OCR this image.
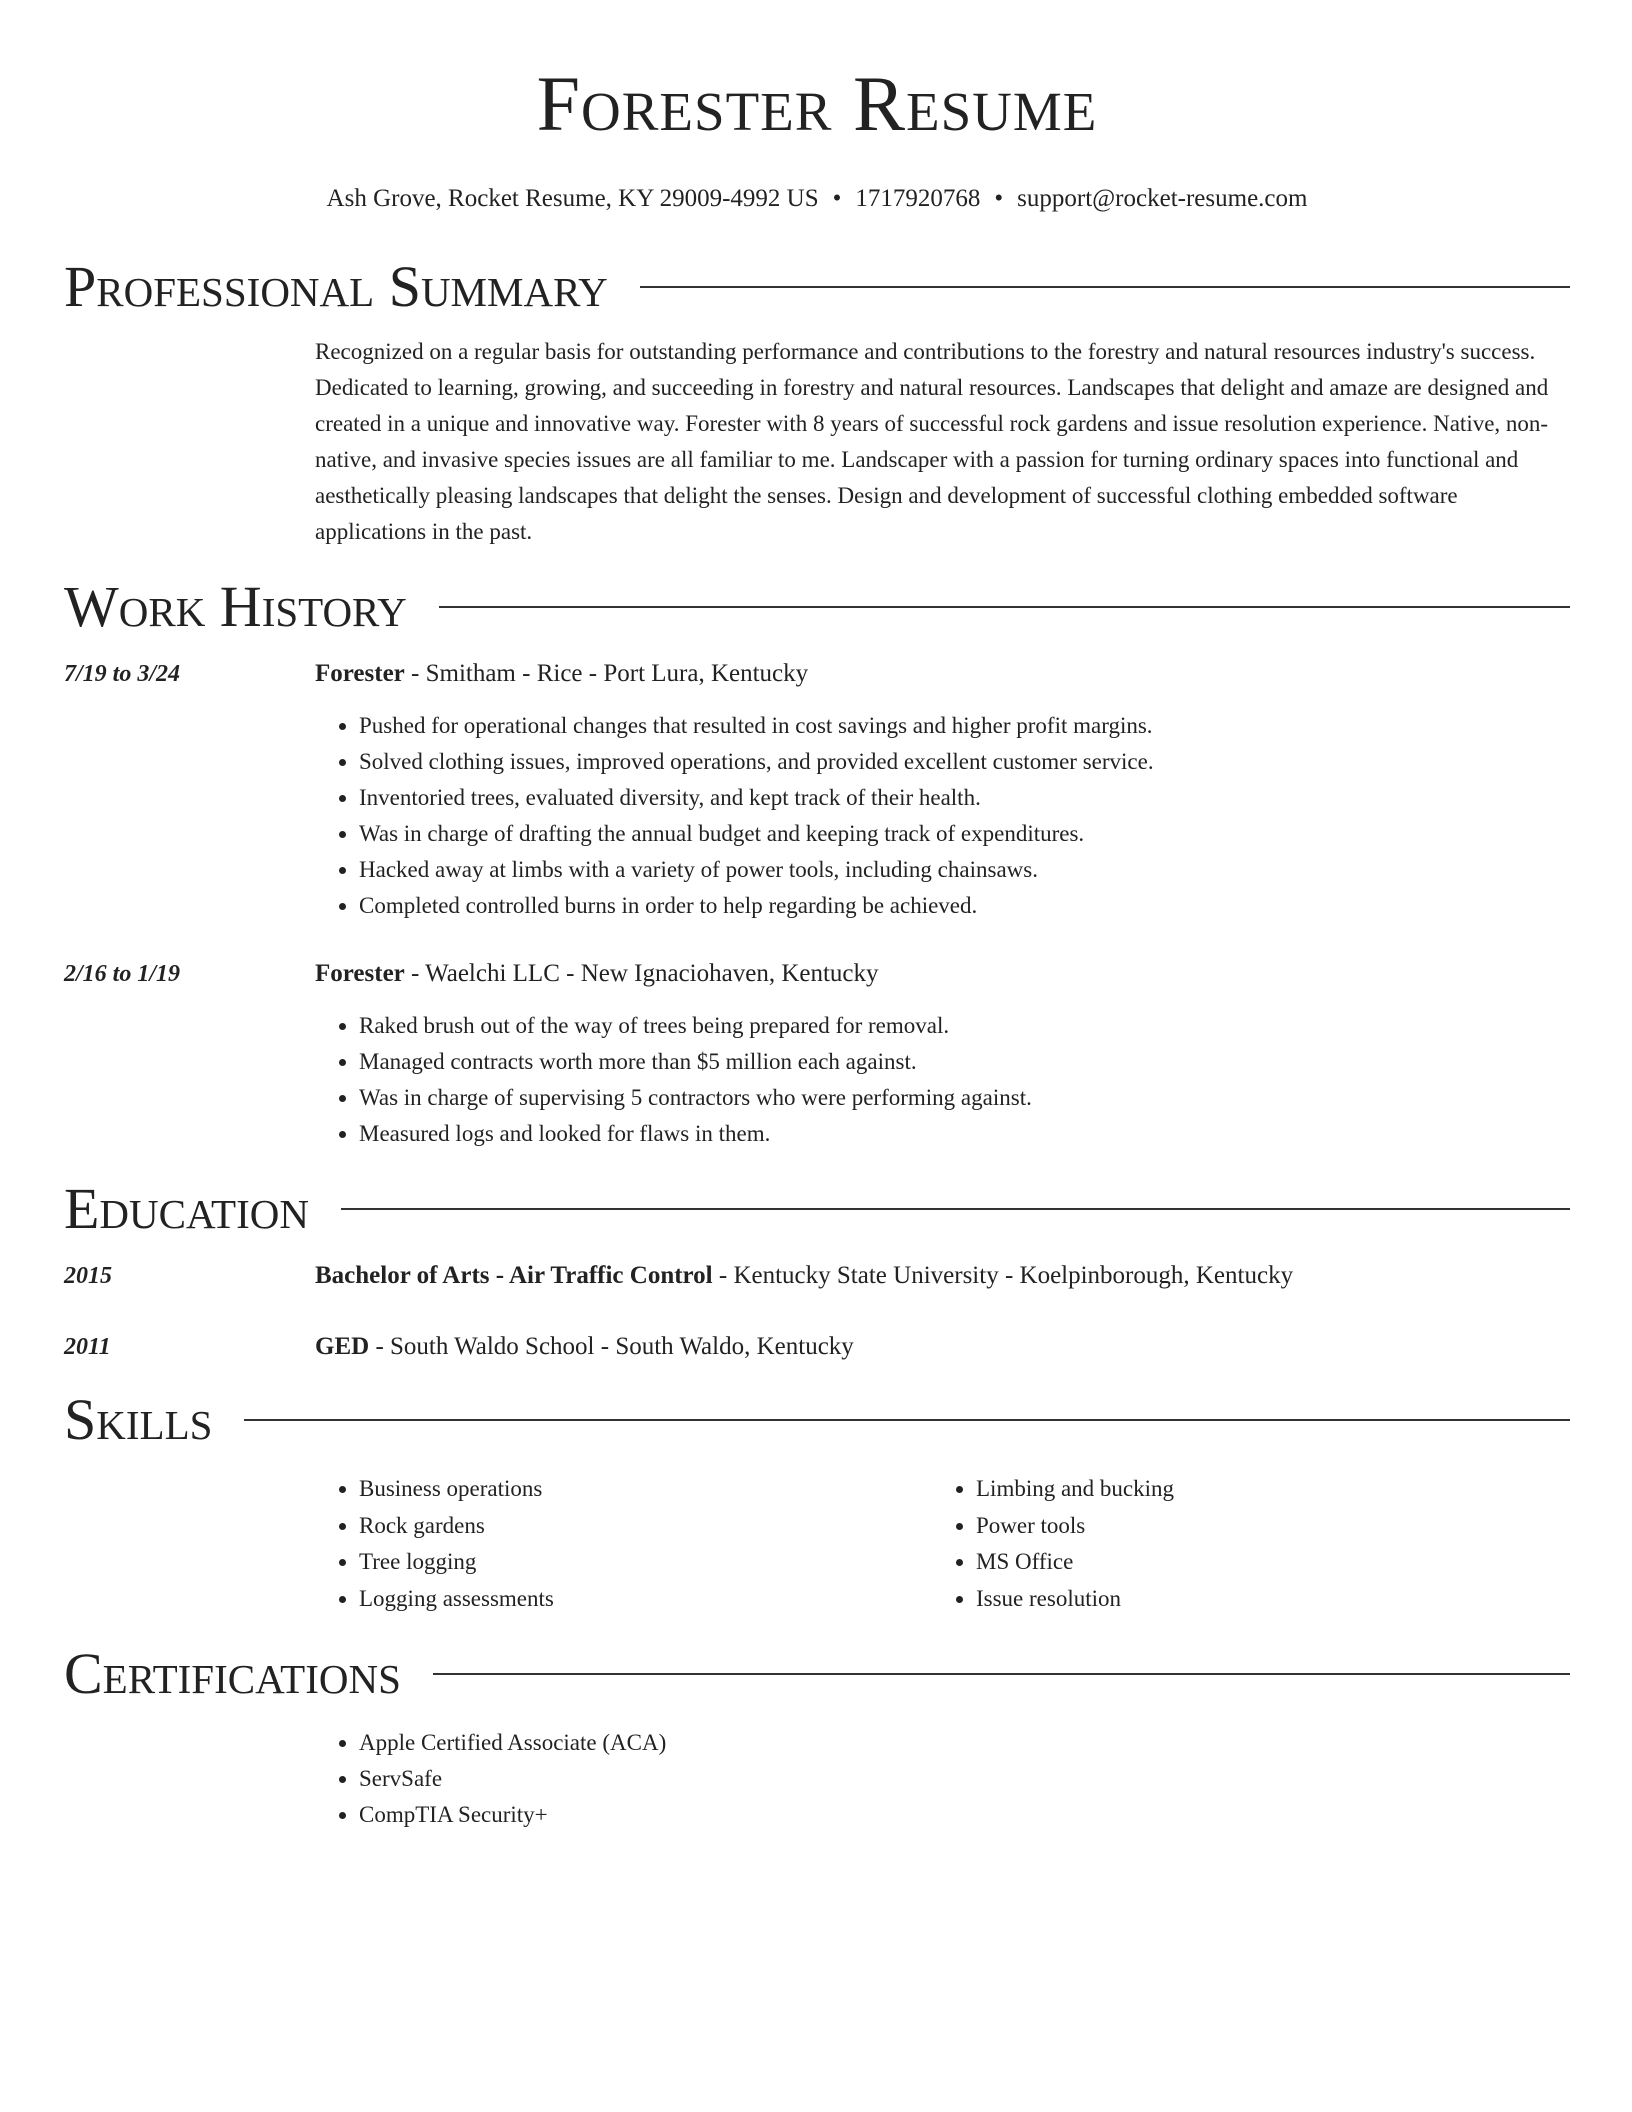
Forester Resume
Ash Grove, Rocket Resume, KY 29009-4992 US • 1717920768 • support@rocket-resume.com
Professional Summary
Recognized on a regular basis for outstanding performance and contributions to the forestry and natural resources industry's success. Dedicated to learning, growing, and succeeding in forestry and natural resources. Landscapes that delight and amaze are designed and created in a unique and innovative way. Forester with 8 years of successful rock gardens and issue resolution experience. Native, non-native, and invasive species issues are all familiar to me. Landscaper with a passion for turning ordinary spaces into functional and aesthetically pleasing landscapes that delight the senses. Design and development of successful clothing embedded software applications in the past.
Work History
7/19 to 3/24	Forester - Smitham - Rice - Port Lura, Kentucky
• Pushed for operational changes that resulted in cost savings and higher profit margins.
• Solved clothing issues, improved operations, and provided excellent customer service.
• Inventoried trees, evaluated diversity, and kept track of their health.
• Was in charge of drafting the annual budget and keeping track of expenditures.
• Hacked away at limbs with a variety of power tools, including chainsaws.
• Completed controlled burns in order to help regarding be achieved.
2/16 to 1/19	Forester - Waelchi LLC - New Ignaciohaven, Kentucky
• Raked brush out of the way of trees being prepared for removal.
• Managed contracts worth more than $5 million each against.
• Was in charge of supervising 5 contractors who were performing against.
• Measured logs and looked for flaws in them.
Education
2015	Bachelor of Arts - Air Traffic Control - Kentucky State University - Koelpinborough, Kentucky
2011	GED - South Waldo School - South Waldo, Kentucky
Skills
• Business operations
• Rock gardens
• Tree logging
• Logging assessments
• Limbing and bucking
• Power tools
• MS Office
• Issue resolution
Certifications
• Apple Certified Associate (ACA)
• ServSafe
• CompTIA Security+
